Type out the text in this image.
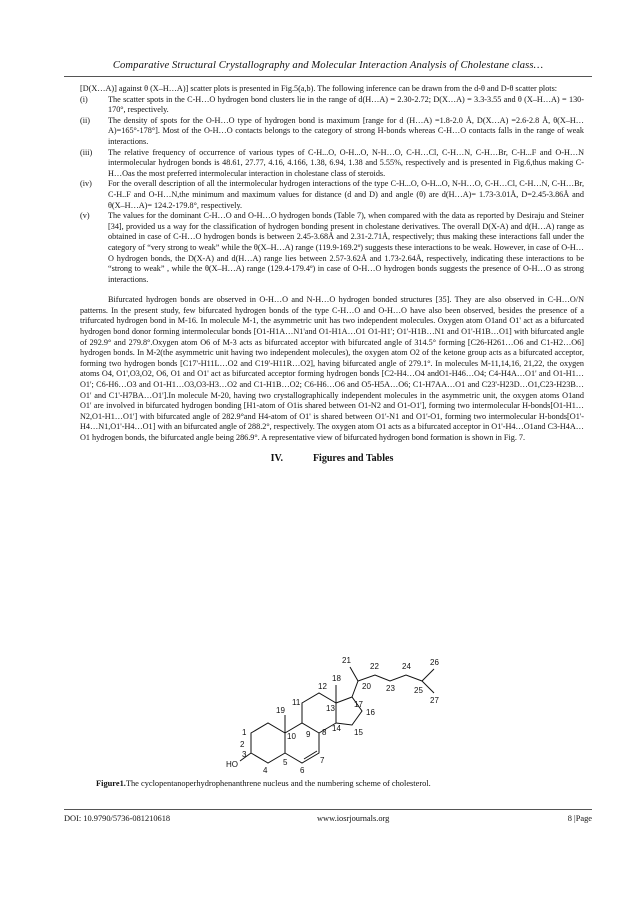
Comparative Structural Crystallography and Molecular Interaction Analysis of Cholestane class…

[D(X…A)] against θ (X–H…A)] scatter plots is presented in Fig.5(a,b). The following inference can be drawn from the d-θ and D-θ scatter plots:

(i) The scatter spots in the C-H…O hydrogen bond clusters lie in the range of d(H…A) = 2.30-2.72; D(X…A) = 3.3-3.55 and θ (X–H…A) = 130-170°, respectively.
(ii) The density of spots for the O-H…O type of hydrogen bond is maximum [range for d (H…A) =1.8-2.0 Å, D(X…A) =2.6-2.8 Å, θ(X–H…A)=165°-178°]. Most of the O-H…O contacts belongs to the category of strong H-bonds whereas C-H…O contacts falls in the range of weak interactions.
(iii) The relative frequency of occurrence of various types of C-H...O, O-H...O, N-H…O, C-H…Cl, C-H…N, C-H…Br, C-H...F and O-H…N intermolecular hydrogen bonds is 48.61, 27.77, 4.16, 4.166, 1.38, 6.94, 1.38 and 5.55%, respectively and is presented in Fig.6,thus making C-H…Oas the most preferred intermolecular interaction in cholestane class of steroids.
(iv) For the overall description of all the intermolecular hydrogen interactions of the type C-H...O, O-H...O, N-H…O, C-H…Cl, C-H…N, C-H…Br, C-H..F and O-H…N,the minimum and maximum values for distance (d and D) and angle (θ) are d(H…A)= 1.73-3.01Å, D=2.45-3.86Å and θ(X–H…A)= 124.2-179.8°, respectively.
(v) The values for the dominant C-H…O and O-H…O hydrogen bonds (Table 7), when compared with the data as reported by Desiraju and Steiner [34], provided us a way for the classification of hydrogen bonding present in cholestane derivatives. The overall D(X-A) and d(H…A) range as obtained in case of C-H…O hydrogen bonds is between 2.45-3.68Å and 2.31-2.71Å, respectively; thus making these interactions fall under the category of “very strong to weak” while the θ(X–H…A) range (119.9-169.2º) suggests these interactions to be weak. However, in case of O-H…O hydrogen bonds, the D(X-A) and d(H…A) range lies between 2.57-3.62Å and 1.73-2.64Å, respectively, indicating these interactions to be “strong to weak” , while the θ(X–H…A) range (129.4-179.4º) in case of O-H…O hydrogen bonds suggests the presence of O-H…O as strong interactions.

Bifurcated hydrogen bonds are observed in O-H…O and N-H…O hydrogen bonded structures [35]. They are also observed in C-H…O/N patterns. In the present study, few bifurcated hydrogen bonds of the type C-H…O and O-H…O have also been observed, besides the presence of a trifurcated hydrogen bond in M-16. In molecule M-1, the asymmetric unit has two independent molecules. Oxygen atom O1and O1' act as a bifurcated hydrogen bond donor forming intermolecular bonds [O1-H1A…N1'and O1-H1A…O1 O1-H1'; O1'-H1B…N1 and O1'-H1B…O1] with bifurcated angle of 292.9° and 279.8°.Oxygen atom O6 of M-3 acts as bifurcated acceptor with bifurcated angle of 314.5° forming [C26-H261…O6 and C1-H2…O6] hydrogen bonds. In M-2(the asymmetric unit having two independent molecules), the oxygen atom O2 of the ketone group acts as a bifurcated acceptor, forming two hydrogen bonds [C17'-H11L…O2 and C19'-H11R…O2], having bifurcated angle of 279.1°. In molecules M-11,14,16, 21,22, the oxygen atoms O4, O1',O3,O2, O6, O1 and O1' act as bifurcated acceptor forming hydrogen bonds [C2-H4…O4 andO1-H46…O4; C4-H4A…O1' and O1-H1…O1'; C6-H6…O3 and O1-H1…O3,O3-H3…O2 and C1-H1B…O2; C6-H6…O6 and O5-H5A…O6; C1-H7AA…O1 and C23'-H23D…O1,C23-H23B…O1' and C1'-H7BA…O1'].In molecule M-20, having two crystallographically independent molecules in the asymmetric unit, the oxygen atoms O1and O1' are involved in bifurcated hydrogen bonding [H1-atom of O1is shared between O1-N2 and O1-O1'], forming two intermolecular H-bonds[O1-H1…N2,O1-H1…O1'] with bifurcated angle of 282.9°and H4-atom of O1' is shared between O1'-N1 and O1'-O1, forming two intermolecular H-bonds[O1'-H4…N1,O1'-H4…O1] with an bifurcated angle of 288.2°, respectively. The oxygen atom O1 acts as a bifurcated acceptor in O1'-H4…O1and C3-H4A…O1 hydrogen bonds, the bifurcated angle being 286.9°. A representative view of bifurcated hydrogen bond formation is shown in Fig. 7.

IV.	Figures and Tables
1
2
3
4
5
6
7
8
9
10
11
12
13
14 15
16
17
18
19
20
21
22
23
24
25
26
27
HO
Figure1.The cyclopentanoperhydrophenanthrene nucleus and the numbering scheme of cholesterol.
DOI: 10.9790/5736-081210618	www.iosrjournals.org	8 |Page
